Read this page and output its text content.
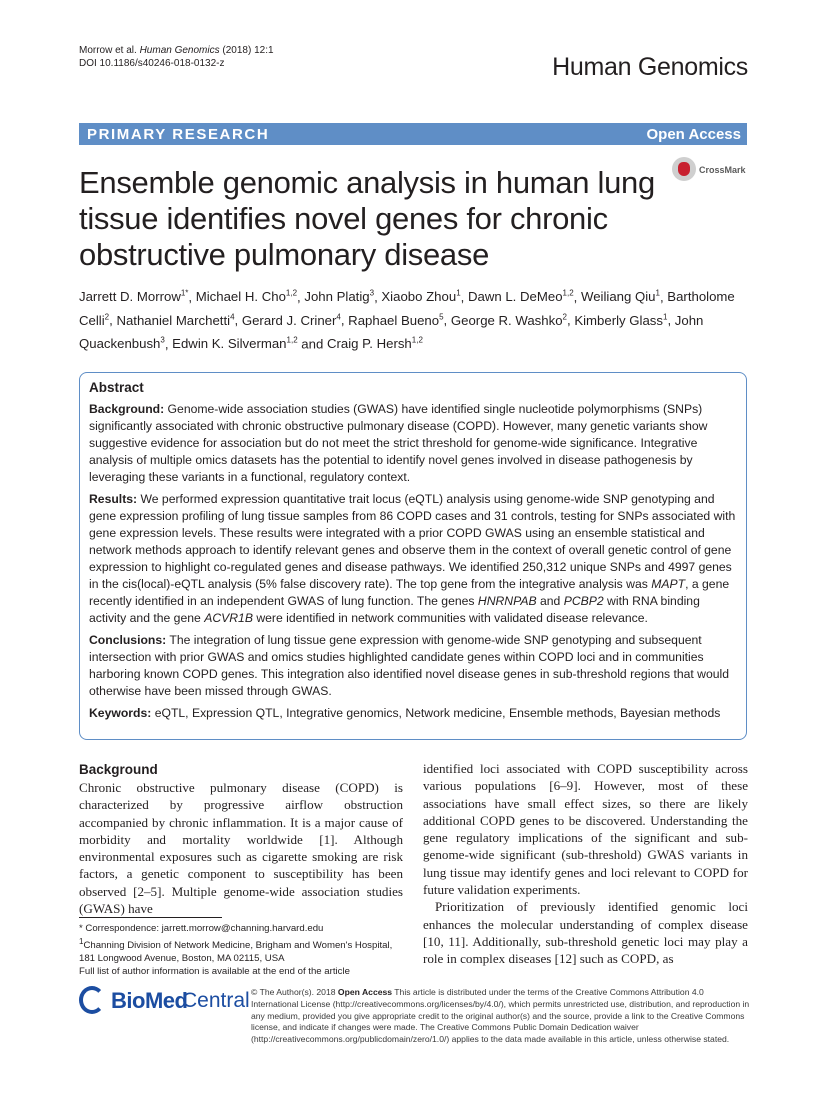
Morrow et al. Human Genomics (2018) 12:1
DOI 10.1186/s40246-018-0132-z	Human Genomics
PRIMARY RESEARCH	Open Access
Ensemble genomic analysis in human lung tissue identifies novel genes for chronic obstructive pulmonary disease
CrossMark
Jarrett D. Morrow$^{1*}$, Michael H. Cho$^{1,2}$, John Platig$^3$, Xiaobo Zhou$^1$, Dawn L. DeMeo$^{1,2}$, Weiliang Qiu$^1$, Bartholome Celli$^2$, Nathaniel Marchetti$^4$, Gerard J. Criner$^4$, Raphael Bueno$^5$, George R. Washko$^2$, Kimberly Glass$^1$, John Quackenbush$^3$, Edwin K. Silverman$^{1,2}$ and Craig P. Hersh$^{1,2}$
Abstract

Background: Genome-wide association studies (GWAS) have identified single nucleotide polymorphisms (SNPs) significantly associated with chronic obstructive pulmonary disease (COPD). However, many genetic variants show suggestive evidence for association but do not meet the strict threshold for genome-wide significance. Integrative analysis of multiple omics datasets has the potential to identify novel genes involved in disease pathogenesis by leveraging these variants in a functional, regulatory context.

Results: We performed expression quantitative trait locus (eQTL) analysis using genome-wide SNP genotyping and gene expression profiling of lung tissue samples from 86 COPD cases and 31 controls, testing for SNPs associated with gene expression levels. These results were integrated with a prior COPD GWAS using an ensemble statistical and network methods approach to identify relevant genes and observe them in the context of overall genetic control of gene expression to highlight co-regulated genes and disease pathways. We identified 250,312 unique SNPs and 4997 genes in the cis(local)-eQTL analysis (5% false discovery rate). The top gene from the integrative analysis was MAPT, a gene recently identified in an independent GWAS of lung function. The genes HNRNPAB and PCBP2 with RNA binding activity and the gene ACVR1B were identified in network communities with validated disease relevance.

Conclusions: The integration of lung tissue gene expression with genome-wide SNP genotyping and subsequent intersection with prior GWAS and omics studies highlighted candidate genes within COPD loci and in communities harboring known COPD genes. This integration also identified novel disease genes in sub-threshold regions that would otherwise have been missed through GWAS.

Keywords: eQTL, Expression QTL, Integrative genomics, Network medicine, Ensemble methods, Bayesian methods

Background

Chronic obstructive pulmonary disease (COPD) is characterized by progressive airflow obstruction accompanied by chronic inflammation. It is a major cause of morbidity and mortality worldwide [1]. Although environmental exposures such as cigarette smoking are risk factors, a genetic component to susceptibility has been observed [2–5]. Multiple genome-wide association studies (GWAS) have

identified loci associated with COPD susceptibility across various populations [6–9]. However, most of these associations have small effect sizes, so there are likely additional COPD genes to be discovered. Understanding the gene regulatory implications of the significant and sub-genome-wide significant (sub-threshold) GWAS variants in lung tissue may identify genes and loci relevant to COPD for future validation experiments.

Prioritization of previously identified genomic loci enhances the molecular understanding of complex disease [10, 11]. Additionally, sub-threshold genetic loci may play a role in complex diseases [12] such as COPD, as

* Correspondence: jarrett.morrow@channing.harvard.edu
$^1$Channing Division of Network Medicine, Brigham and Women's Hospital, 181 Longwood Avenue, Boston, MA 02115, USA
Full list of author information is available at the end of the article
BioMed
Central © The Author(s). 2018 Open Access This article is distributed under the terms of the Creative Commons Attribution 4.0 International License (http://creativecommons.org/licenses/by/4.0/), which permits unrestricted use, distribution, and reproduction in any medium, provided you give appropriate credit to the original author(s) and the source, provide a link to the Creative Commons license, and indicate if changes were made. The Creative Commons Public Domain Dedication waiver (http://creativecommons.org/publicdomain/zero/1.0/) applies to the data made available in this article, unless otherwise stated.
